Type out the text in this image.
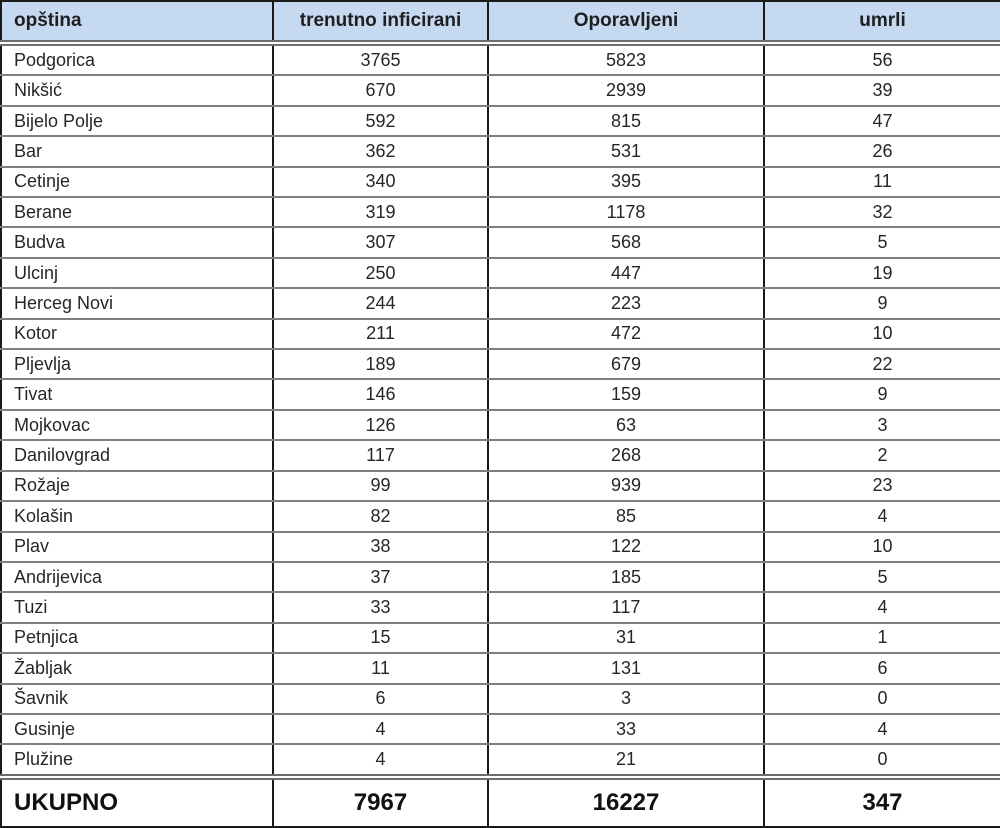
opština	trenutno inficirani	Oporavljeni	umrli
Podgorica	3765	5823	56
Nikšić	670	2939	39
Bijelo Polje	592	815	47
Bar	362	531	26
Cetinje	340	395	11
Berane	319	1178	32
Budva	307	568	5
Ulcinj	250	447	19
Herceg Novi	244	223	9
Kotor	211	472	10
Pljevlja	189	679	22
Tivat	146	159	9
Mojkovac	126	63	3
Danilovgrad	117	268	2
Rožaje	99	939	23
Kolašin	82	85	4
Plav	38	122	10
Andrijevica	37	185	5
Tuzi	33	117	4
Petnjica	15	31	1
Žabljak	11	131	6
Šavnik	6	3	0
Gusinje	4	33	4
Plužine	4	21	0
UKUPNO	7967	16227	347
